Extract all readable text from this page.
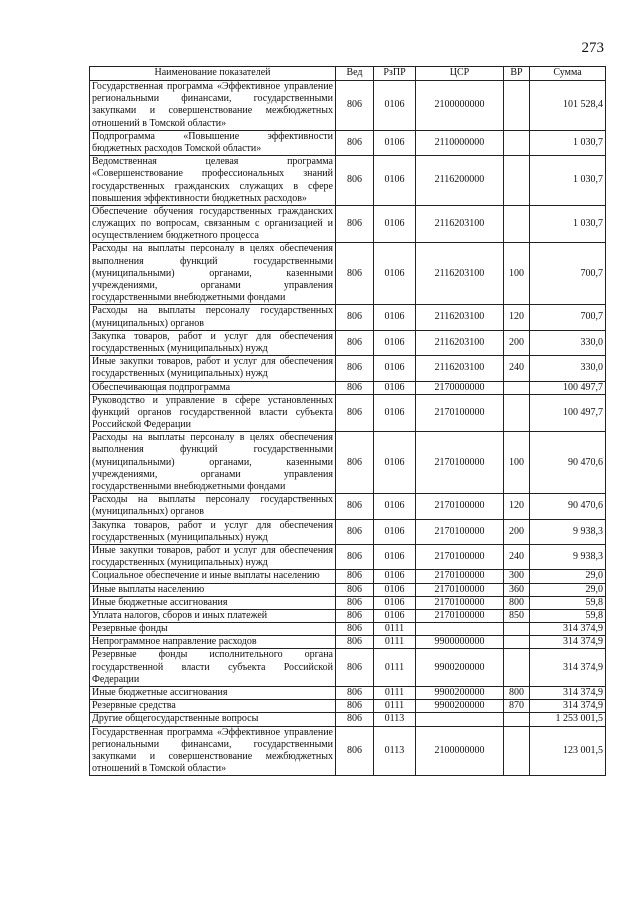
273
Наименование показателей	Вед	РзПР	ЦСР	ВР	Сумма
Государственная программа «Эффективное управление региональными финансами, государственными закупками и совершенствование межбюджетных отношений в Томской области»	806	0106	2100000000		101 528,4
Подпрограмма «Повышение эффективности бюджетных расходов Томской области»	806	0106	2110000000		1 030,7
Ведомственная целевая программа «Совершенствование профессиональных знаний государственных гражданских служащих в сфере повышения эффективности бюджетных расходов»	806	0106	2116200000		1 030,7
Обеспечение обучения государственных гражданских служащих по вопросам, связанным с организацией и осуществлением бюджетного процесса	806	0106	2116203100		1 030,7
Расходы на выплаты персоналу в целях обеспечения выполнения функций государственными (муниципальными) органами, казенными учреждениями, органами управления государственными внебюджетными фондами	806	0106	2116203100	100	700,7
Расходы на выплаты персоналу государственных (муниципальных) органов	806	0106	2116203100	120	700,7
Закупка товаров, работ и услуг для обеспечения государственных (муниципальных) нужд	806	0106	2116203100	200	330,0
Иные закупки товаров, работ и услуг для обеспечения государственных (муниципальных) нужд	806	0106	2116203100	240	330,0
Обеспечивающая подпрограмма	806	0106	2170000000		100 497,7
Руководство и управление в сфере установленных функций органов государственной власти субъекта Российской Федерации	806	0106	2170100000		100 497,7
Расходы на выплаты персоналу в целях обеспечения выполнения функций государственными (муниципальными) органами, казенными учреждениями, органами управления государственными внебюджетными фондами	806	0106	2170100000	100	90 470,6
Расходы на выплаты персоналу государственных (муниципальных) органов	806	0106	2170100000	120	90 470,6
Закупка товаров, работ и услуг для обеспечения государственных (муниципальных) нужд	806	0106	2170100000	200	9 938,3
Иные закупки товаров, работ и услуг для обеспечения государственных (муниципальных) нужд	806	0106	2170100000	240	9 938,3
Социальное обеспечение и иные выплаты населению	806	0106	2170100000	300	29,0
Иные выплаты населению	806	0106	2170100000	360	29,0
Иные бюджетные ассигнования	806	0106	2170100000	800	59,8
Уплата налогов, сборов и иных платежей	806	0106	2170100000	850	59,8
Резервные фонды	806	0111			314 374,9
Непрограммное направление расходов	806	0111	9900000000		314 374,9
Резервные фонды исполнительного органа государственной власти субъекта Российской Федерации	806	0111	9900200000		314 374,9
Иные бюджетные ассигнования	806	0111	9900200000	800	314 374,9
Резервные средства	806	0111	9900200000	870	314 374,9
Другие общегосударственные вопросы	806	0113			1 253 001,5
Государственная программа «Эффективное управление региональными финансами, государственными закупками и совершенствование межбюджетных отношений в Томской области»	806	0113	2100000000		123 001,5
